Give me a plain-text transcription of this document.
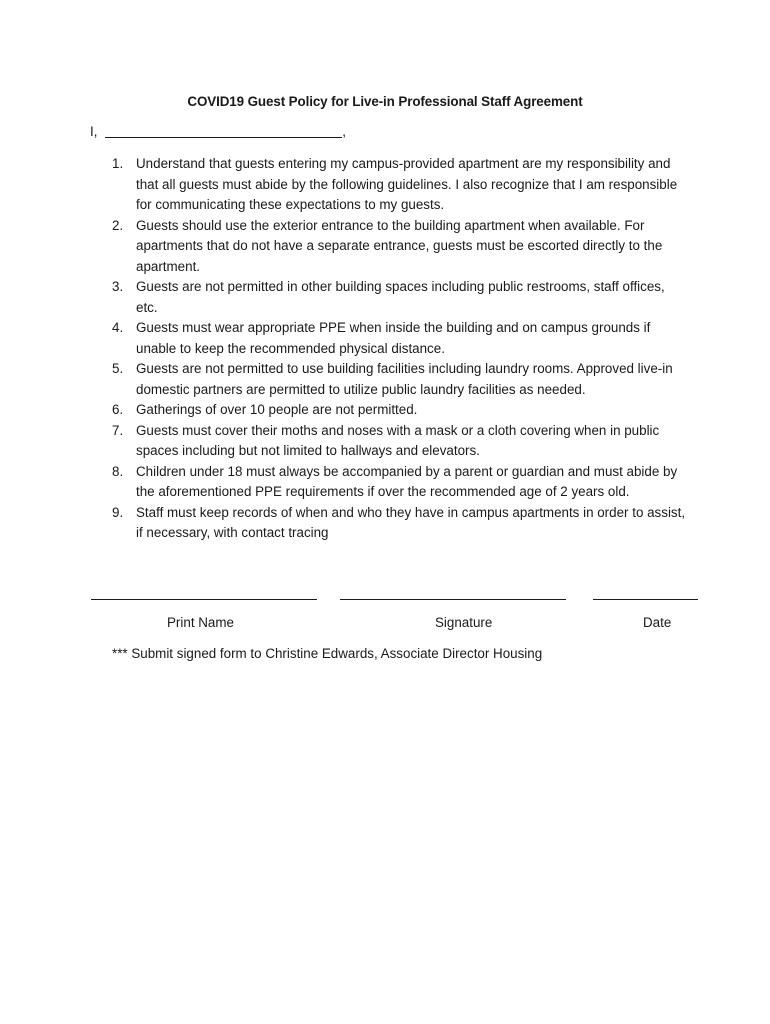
COVID19 Guest Policy for Live-in Professional Staff Agreement
I,	,
1. Understand that guests entering my campus-provided apartment are my responsibility and that all guests must abide by the following guidelines. I also recognize that I am responsible for communicating these expectations to my guests.
2. Guests should use the exterior entrance to the building apartment when available. For apartments that do not have a separate entrance, guests must be escorted directly to the apartment.
3. Guests are not permitted in other building spaces including public restrooms, staff offices, etc.
4. Guests must wear appropriate PPE when inside the building and on campus grounds if unable to keep the recommended physical distance.
5. Guests are not permitted to use building facilities including laundry rooms. Approved live-in domestic partners are permitted to utilize public laundry facilities as needed.
6. Gatherings of over 10 people are not permitted.
7. Guests must cover their moths and noses with a mask or a cloth covering when in public spaces including but not limited to hallways and elevators.
8. Children under 18 must always be accompanied by a parent or guardian and must abide by the aforementioned PPE requirements if over the recommended age of 2 years old.
9. Staff must keep records of when and who they have in campus apartments in order to assist, if necessary, with contact tracing
Print Name	Signature	Date
*** Submit signed form to Christine Edwards, Associate Director Housing
